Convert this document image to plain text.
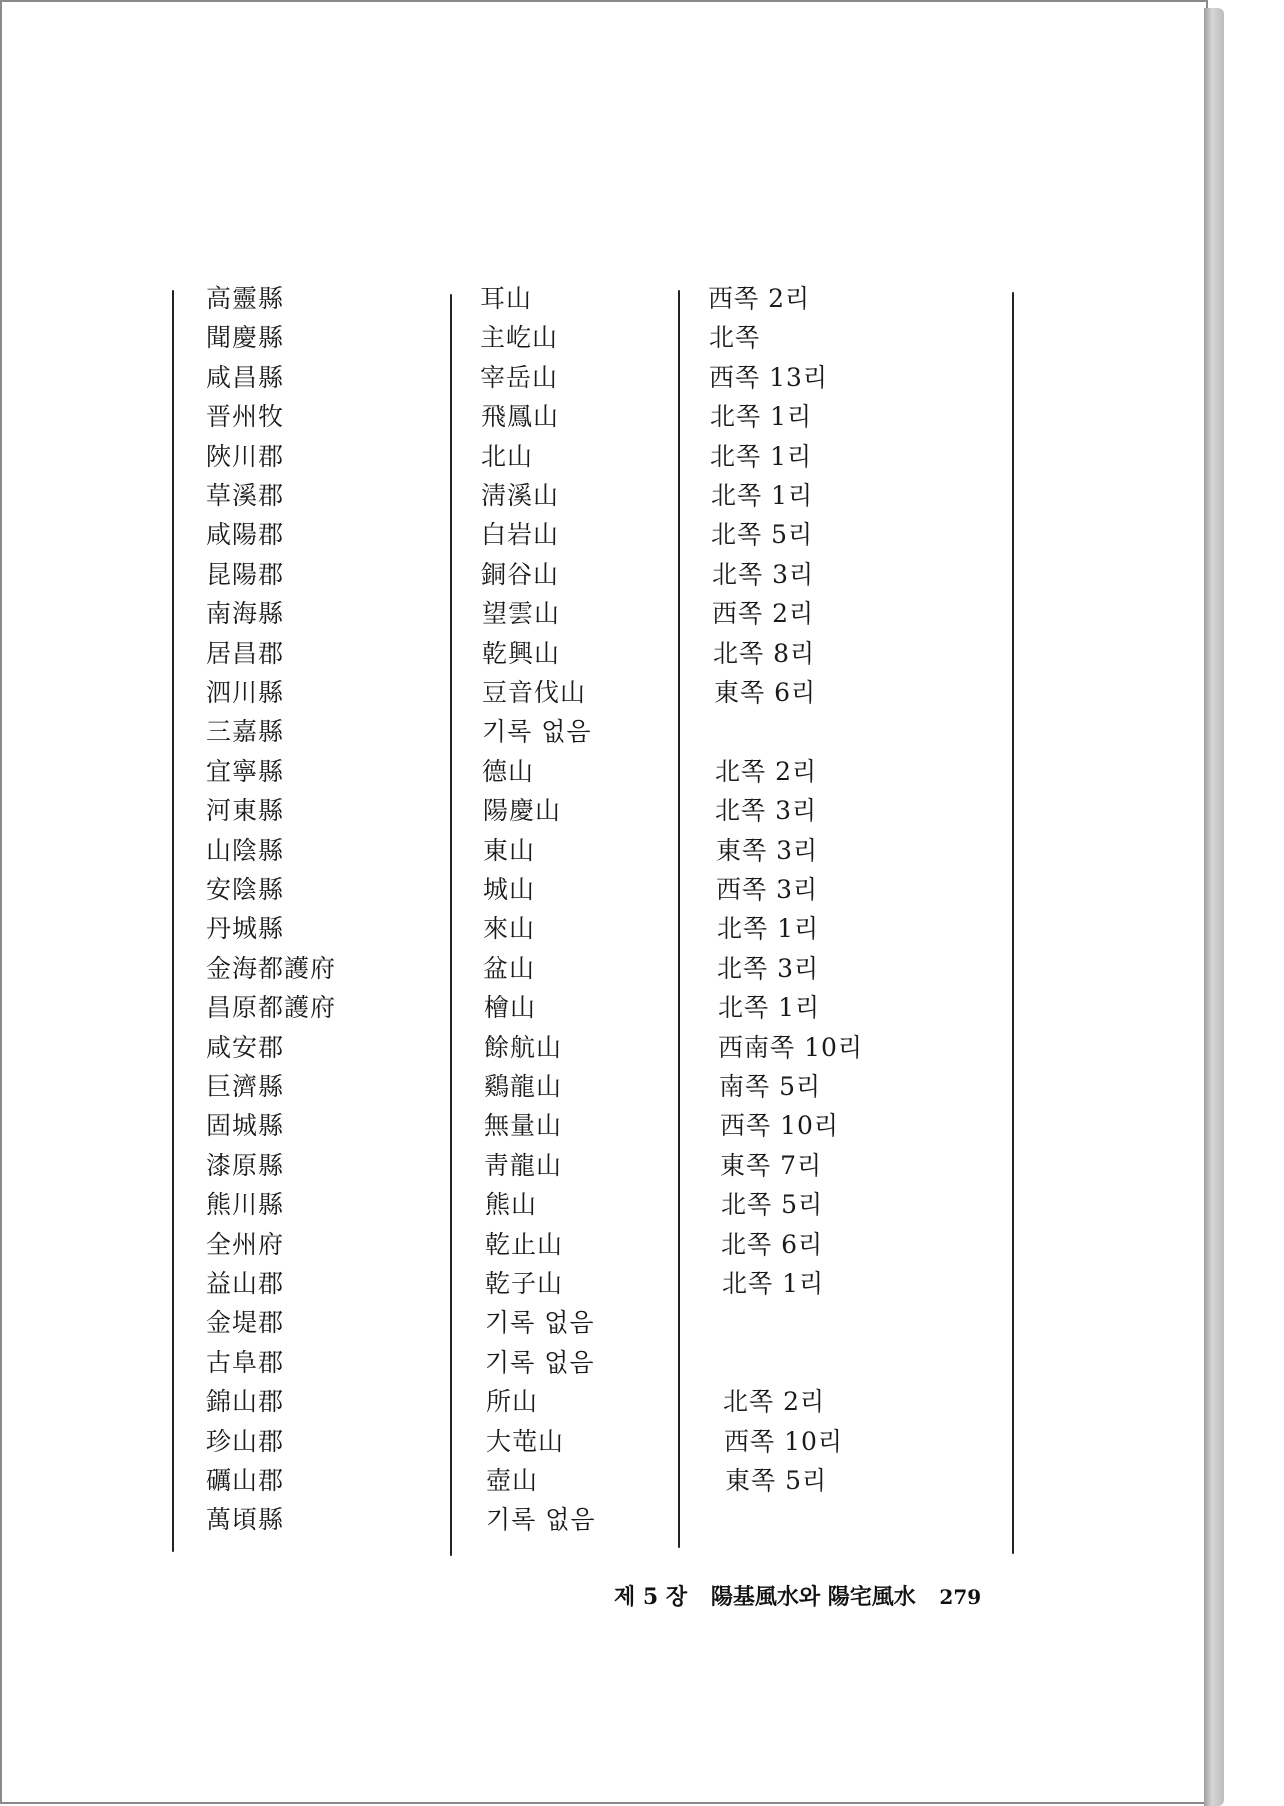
高靈縣	耳山	西쪽 2리
聞慶縣	主屹山	北쪽
咸昌縣	宰岳山	西쪽 13리
晋州牧	飛鳳山	北쪽 1리
陜川郡	北山	北쪽 1리
草溪郡	淸溪山	北쪽 1리
咸陽郡	白岩山	北쪽 5리
昆陽郡	銅谷山	北쪽 3리
南海縣	望雲山	西쪽 2리
居昌郡	乾興山	北쪽 8리
泗川縣	豆音伐山	東쪽 6리
三嘉縣	기록 없음
宜寧縣	德山	北쪽 2리
河東縣	陽慶山	北쪽 3리
山陰縣	東山	東쪽 3리
安陰縣	城山	西쪽 3리
丹城縣	來山	北쪽 1리
金海都護府	盆山	北쪽 3리
昌原都護府	檜山	北쪽 1리
咸安郡	餘航山	西南쪽 10리
巨濟縣	鷄龍山	南쪽 5리
固城縣	無量山	西쪽 10리
漆原縣	靑龍山	東쪽 7리
熊川縣	熊山	北쪽 5리
全州府	乾止山	北쪽 6리
益山郡	乾子山	北쪽 1리
金堤郡	기록 없음
古阜郡	기록 없음
錦山郡	所山	北쪽 2리
珍山郡	大芚山	西쪽 10리
礪山郡	壺山	東쪽 5리
萬頃縣	기록 없음
제 5 장 陽基風水와 陽宅風水 279
